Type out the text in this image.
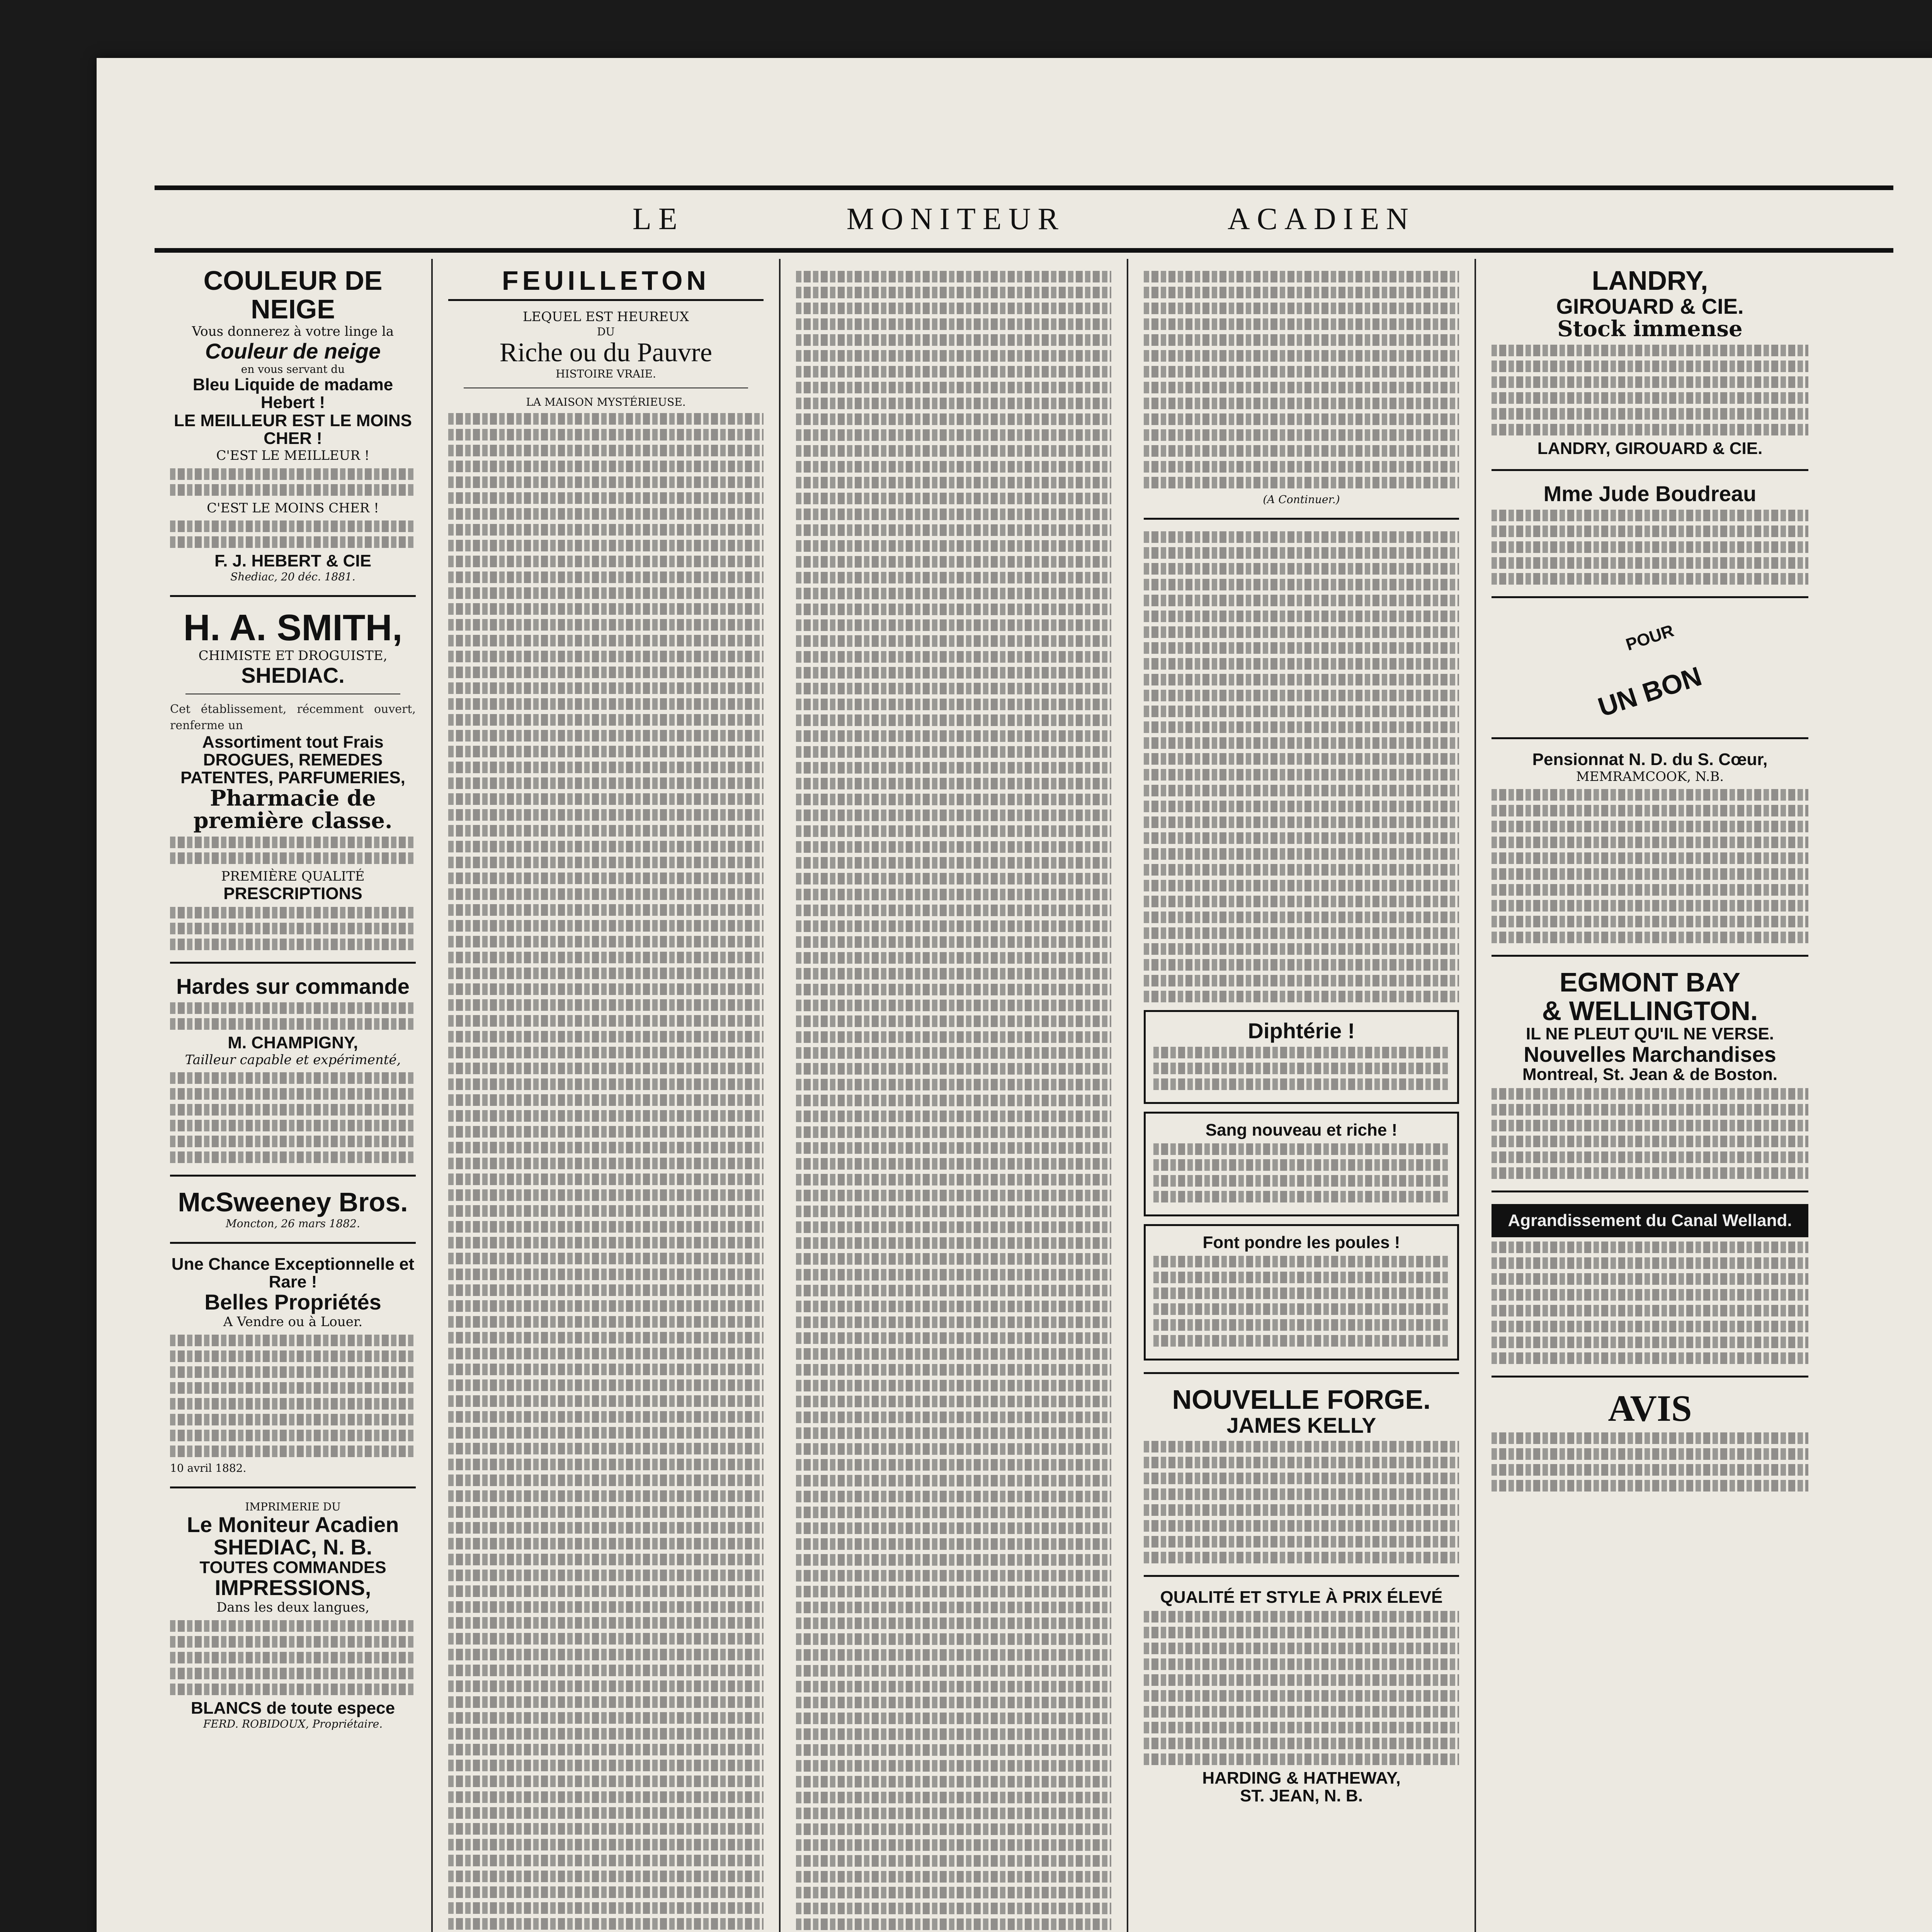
LE	MONITEUR	ACADIEN
COULEUR DE NEIGE
Vous donnerez à votre linge la
Couleur de neige
en vous servant du
Bleu Liquide de madame Hebert !
LE MEILLEUR EST LE MOINS CHER !
C'EST LE MEILLEUR !
C'EST LE MOINS CHER !
F. J. HEBERT & CIE
Shediac, 20 déc. 1881.
H. A. SMITH,
CHIMISTE ET DROGUISTE,
SHEDIAC.
Cet établissement, récemment ouvert, renferme un
Assortiment tout Frais
DROGUES, REMEDES PATENTES, PARFUMERIES,
Pharmacie de première classe.
PREMIÈRE QUALITÉ
PRESCRIPTIONS
Hardes sur commande
M. CHAMPIGNY,
Tailleur capable et expérimenté,
McSweeney Bros.
Moncton, 26 mars 1882.
Une Chance Exceptionnelle et Rare !
Belles Propriétés
A Vendre ou à Louer.
10 avril 1882.
IMPRIMERIE DU
Le Moniteur Acadien
SHEDIAC, N. B.
TOUTES COMMANDES
IMPRESSIONS,
Dans les deux langues,
BLANCS de toute espece
FERD. ROBIDOUX, Propriétaire.
FEUILLETON
LEQUEL EST HEUREUX
DU
Riche ou du Pauvre
HISTOIRE VRAIE.
LA MAISON MYSTÉRIEUSE.
(A Continuer.)
Diphtérie !
Sang nouveau et riche !
Font pondre les poules !
NOUVELLE FORGE.
JAMES KELLY
QUALITÉ ET STYLE À PRIX ÉLEVÉ
HARDING & HATHEWAY,
ST. JEAN, N. B.
LANDRY,
GIROUARD & CIE.
Stock immense
LANDRY, GIROUARD & CIE.
Mme Jude Boudreau
POUR
UN BON
Pensionnat N. D. du S. Cœur,
MEMRAMCOOK, N.B.
EGMONT BAY
& WELLINGTON.
IL NE PLEUT QU'IL NE VERSE.
Nouvelles Marchandises
Montreal, St. Jean & de Boston.
Agrandissement du Canal Welland.
AVIS
